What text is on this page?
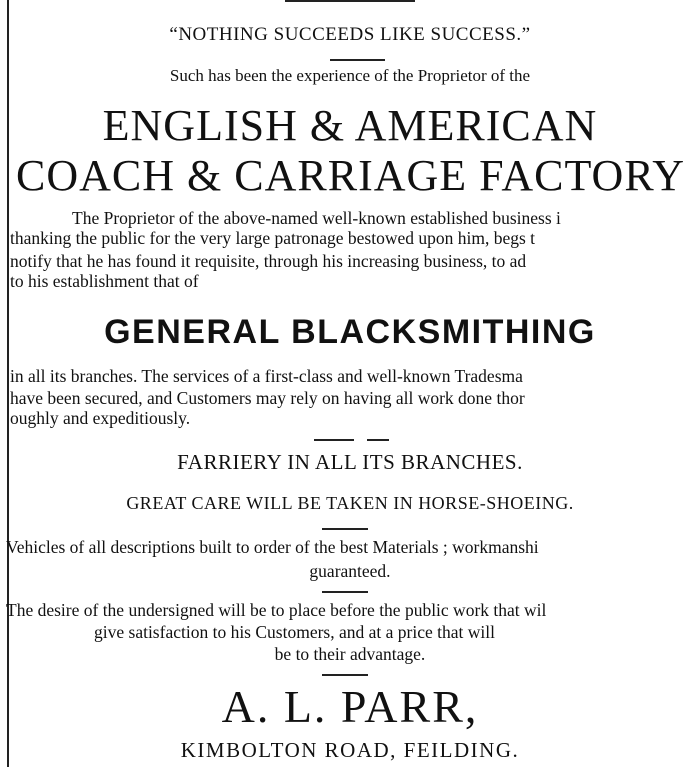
“NOTHING SUCCEEDS LIKE SUCCESS.”
Such has been the experience of the Proprietor of the
ENGLISH & AMERICAN
COACH & CARRIAGE FACTORY
The Proprietor of the above-named well-known established business i
thanking the public for the very large patronage bestowed upon him, begs t
notify that he has found it requisite, through his increasing business, to ad
to his establishment that of
GENERAL BLACKSMITHING
in all its branches. The services of a first-class and well-known Tradesma
have been secured, and Customers may rely on having all work done thor
oughly and expeditiously.
FARRIERY IN ALL ITS BRANCHES.
GREAT CARE WILL BE TAKEN IN HORSE-SHOEING.
Vehicles of all descriptions built to order of the best Materials ; workmanshi
guaranteed.
The desire of the undersigned will be to place before the public work that wil
give satisfaction to his Customers, and at a price that will
be to their advantage.
A. L. PARR,
KIMBOLTON ROAD, FEILDING.
